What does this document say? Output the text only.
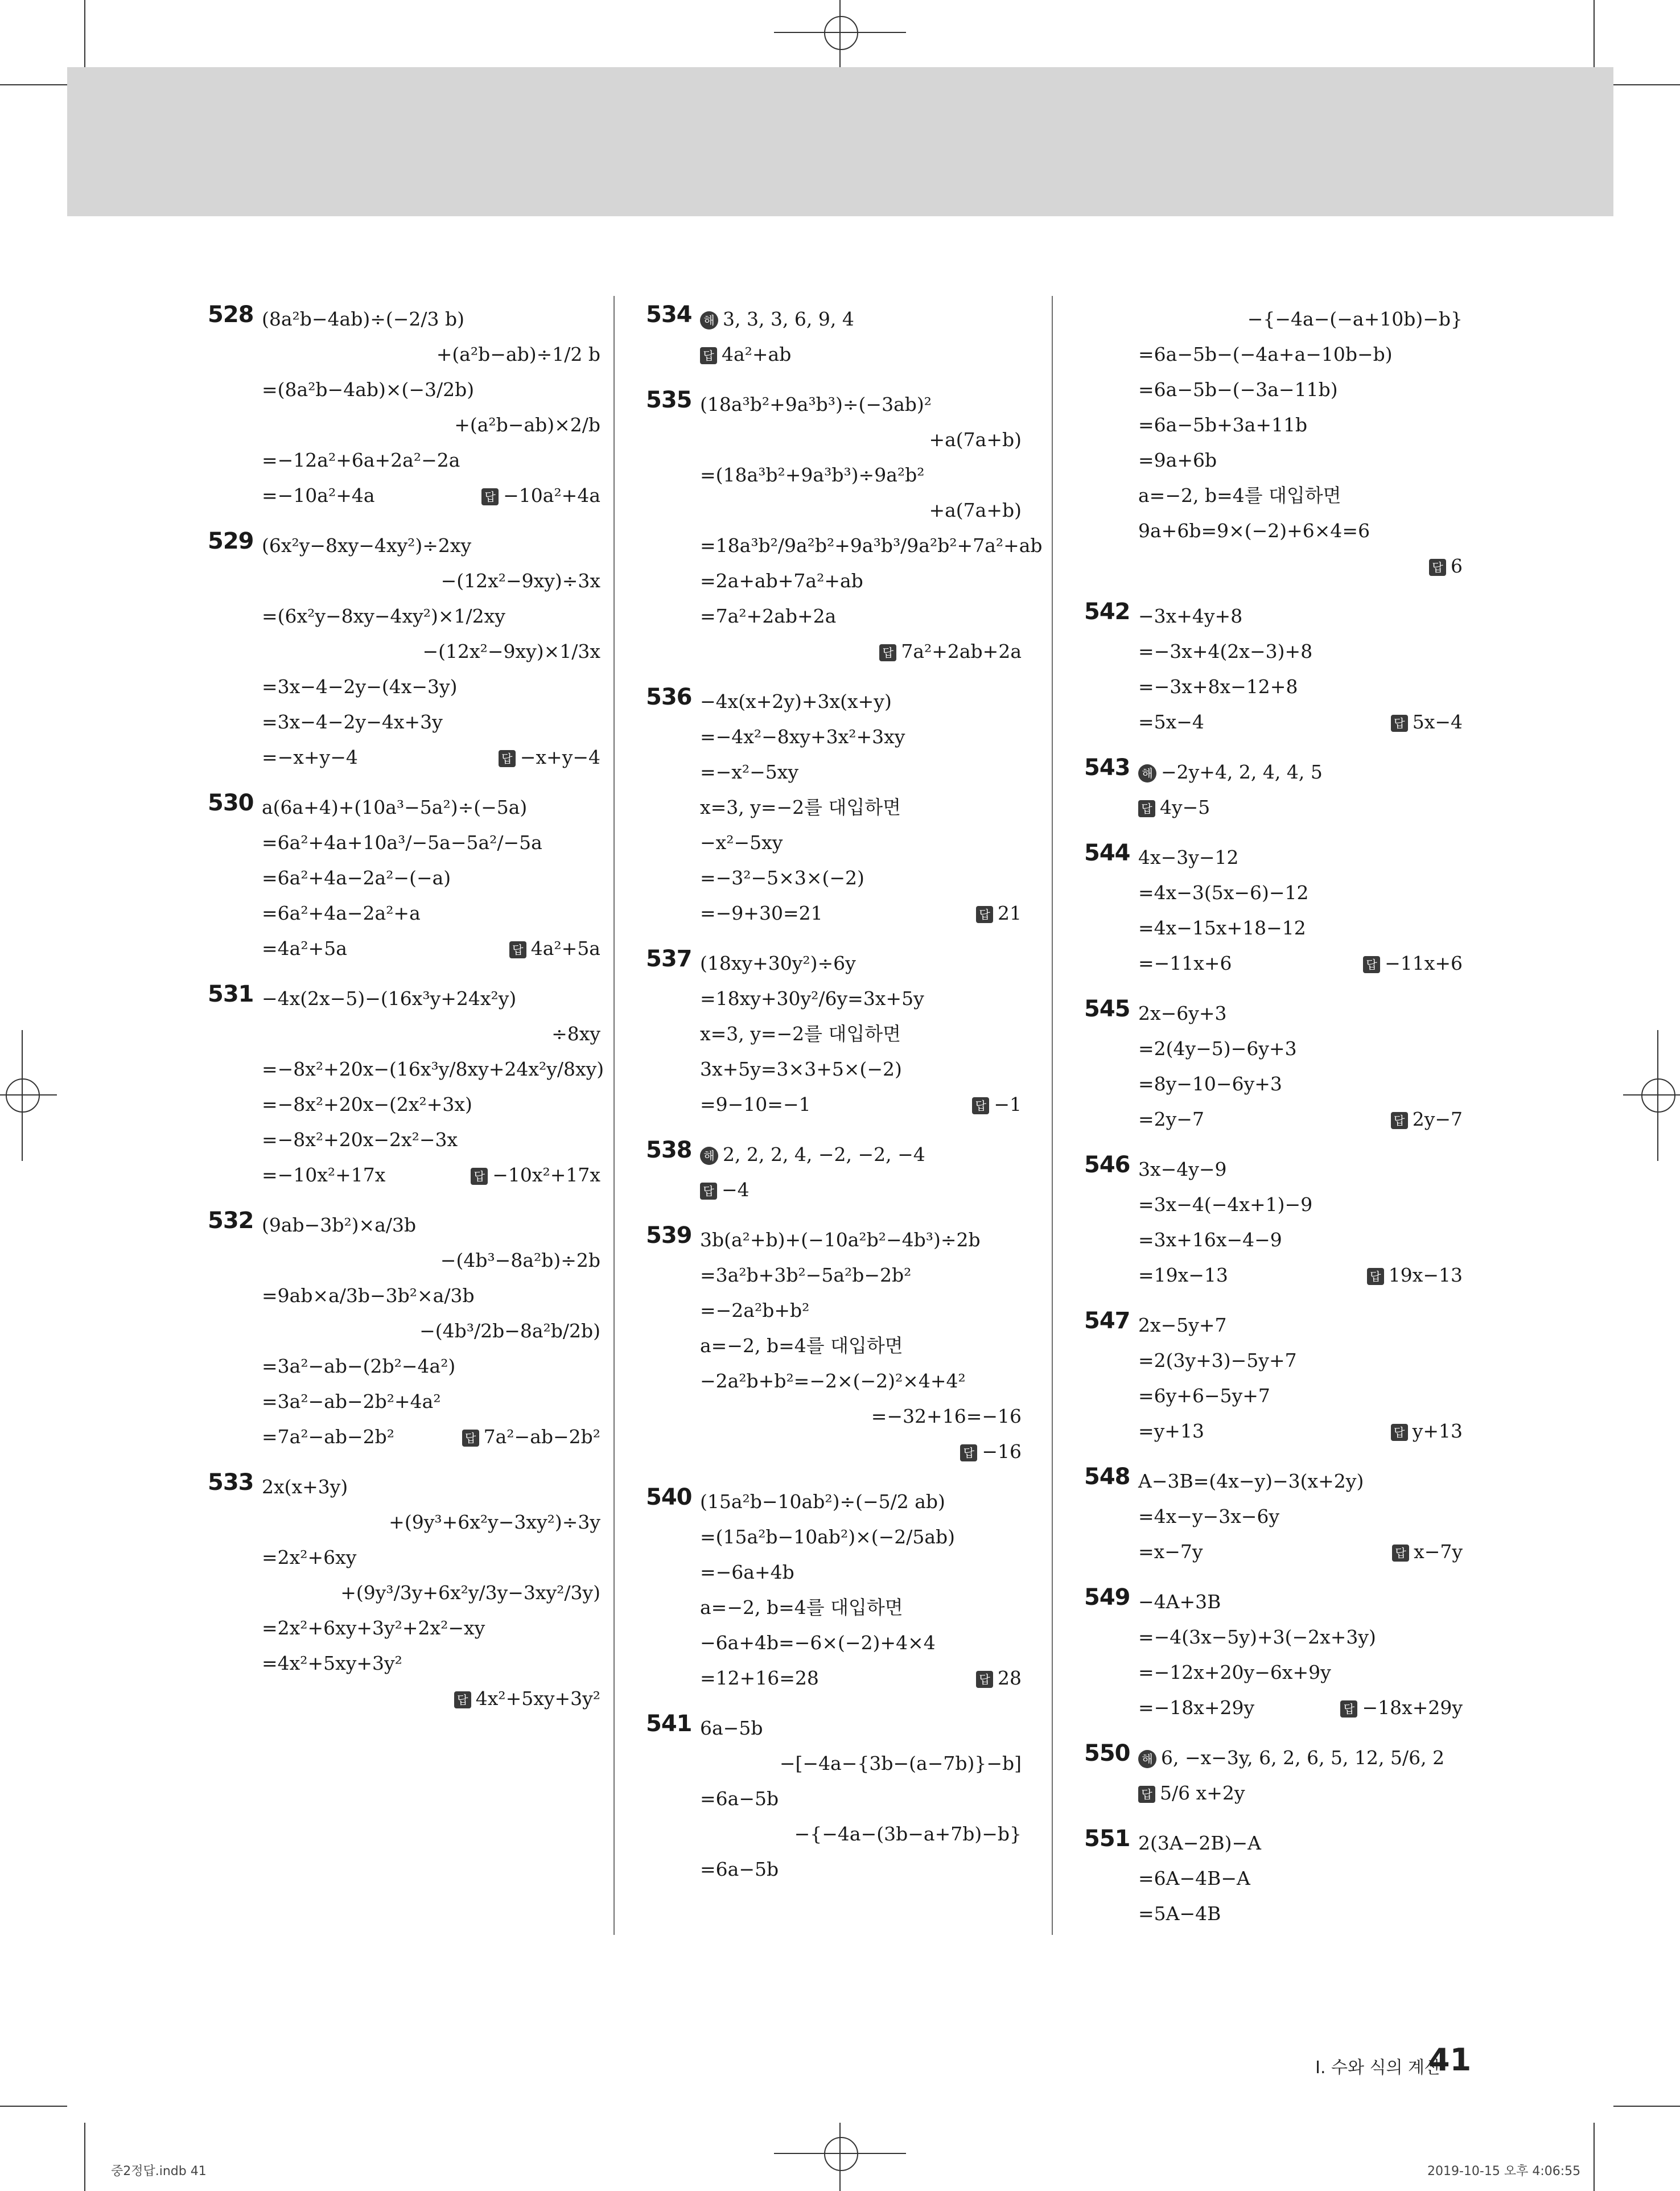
528 (8a²b−4ab)÷(−2/3 b)
+(a²b−ab)÷1/2 b
=(8a²b−4ab)×(−3/2b)
+(a²b−ab)×2/b
=−12a²+6a+2a²−2a
=−10a²+4a	답 −10a²+4a
529 (6x²y−8xy−4xy²)÷2xy
−(12x²−9xy)÷3x
=(6x²y−8xy−4xy²)×1/2xy
−(12x²−9xy)×1/3x
=3x−4−2y−(4x−3y)
=3x−4−2y−4x+3y
=−x+y−4	답 −x+y−4
530 a(6a+4)+(10a³−5a²)÷(−5a)
=6a²+4a+10a³/−5a−5a²/−5a
=6a²+4a−2a²−(−a)
=6a²+4a−2a²+a
=4a²+5a	답 4a²+5a
531 −4x(2x−5)−(16x³y+24x²y)
÷8xy
=−8x²+20x−(16x³y/8xy+24x²y/8xy)
=−8x²+20x−(2x²+3x)
=−8x²+20x−2x²−3x
=−10x²+17x	답 −10x²+17x
532 (9ab−3b²)×a/3b
−(4b³−8a²b)÷2b
=9ab×a/3b−3b²×a/3b
−(4b³/2b−8a²b/2b)
=3a²−ab−(2b²−4a²)
=3a²−ab−2b²+4a²
=7a²−ab−2b²	답 7a²−ab−2b²
533 2x(x+3y)
+(9y³+6x²y−3xy²)÷3y
=2x²+6xy
+(9y³/3y+6x²y/3y−3xy²/3y)
=2x²+6xy+3y²+2x²−xy
=4x²+5xy+3y²
답 4x²+5xy+3y²
534	해 3, 3, 3, 6, 9, 4
답 4a²+ab
535 (18a³b²+9a³b³)÷(−3ab)²
+a(7a+b)
=(18a³b²+9a³b³)÷9a²b²
+a(7a+b)
=18a³b²/9a²b²+9a³b³/9a²b²+7a²+ab
=2a+ab+7a²+ab
=7a²+2ab+2a
답 7a²+2ab+2a
536 −4x(x+2y)+3x(x+y)
=−4x²−8xy+3x²+3xy
=−x²−5xy
x=3, y=−2를 대입하면
−x²−5xy
=−3²−5×3×(−2)
=−9+30=21	답 21
537 (18xy+30y²)÷6y
=18xy+30y²/6y=3x+5y
x=3, y=−2를 대입하면
3x+5y=3×3+5×(−2)
=9−10=−1	답 −1
538	해 2, 2, 2, 4, −2, −2, −4
답 −4
539 3b(a²+b)+(−10a²b²−4b³)÷2b
=3a²b+3b²−5a²b−2b²
=−2a²b+b²
a=−2, b=4를 대입하면
−2a²b+b²=−2×(−2)²×4+4²
=−32+16=−16
답 −16
540 (15a²b−10ab²)÷(−5/2 ab)
=(15a²b−10ab²)×(−2/5ab)
=−6a+4b
a=−2, b=4를 대입하면
−6a+4b=−6×(−2)+4×4
=12+16=28	답 28
541 6a−5b
−[−4a−{3b−(a−7b)}−b]
=6a−5b
−{−4a−(3b−a+7b)−b}
=6a−5b
−{−4a−(−a+10b)−b}
=6a−5b−(−4a+a−10b−b)
=6a−5b−(−3a−11b)
=6a−5b+3a+11b
=9a+6b
a=−2, b=4를 대입하면
9a+6b=9×(−2)+6×4=6
답 6
542 −3x+4y+8
=−3x+4(2x−3)+8
=−3x+8x−12+8
=5x−4	답 5x−4
543	해 −2y+4, 2, 4, 4, 5
답 4y−5
544 4x−3y−12
=4x−3(5x−6)−12
=4x−15x+18−12
=−11x+6	답 −11x+6
545 2x−6y+3
=2(4y−5)−6y+3
=8y−10−6y+3
=2y−7	답 2y−7
546 3x−4y−9
=3x−4(−4x+1)−9
=3x+16x−4−9
=19x−13	답 19x−13
547 2x−5y+7
=2(3y+3)−5y+7
=6y+6−5y+7
=y+13	답 y+13
548 A−3B=(4x−y)−3(x+2y)
=4x−y−3x−6y
=x−7y	답 x−7y
549 −4A+3B
=−4(3x−5y)+3(−2x+3y)
=−12x+20y−6x+9y
=−18x+29y	답 −18x+29y
550	해 6, −x−3y, 6, 2, 6, 5, 12, 5/6, 2
답 5/6 x+2y
551 2(3A−2B)−A
=6A−4B−A
=5A−4B
Ⅰ. 수와 식의 계산
41
중2정답.indb 41	2019-10-15 오후 4:06:55
